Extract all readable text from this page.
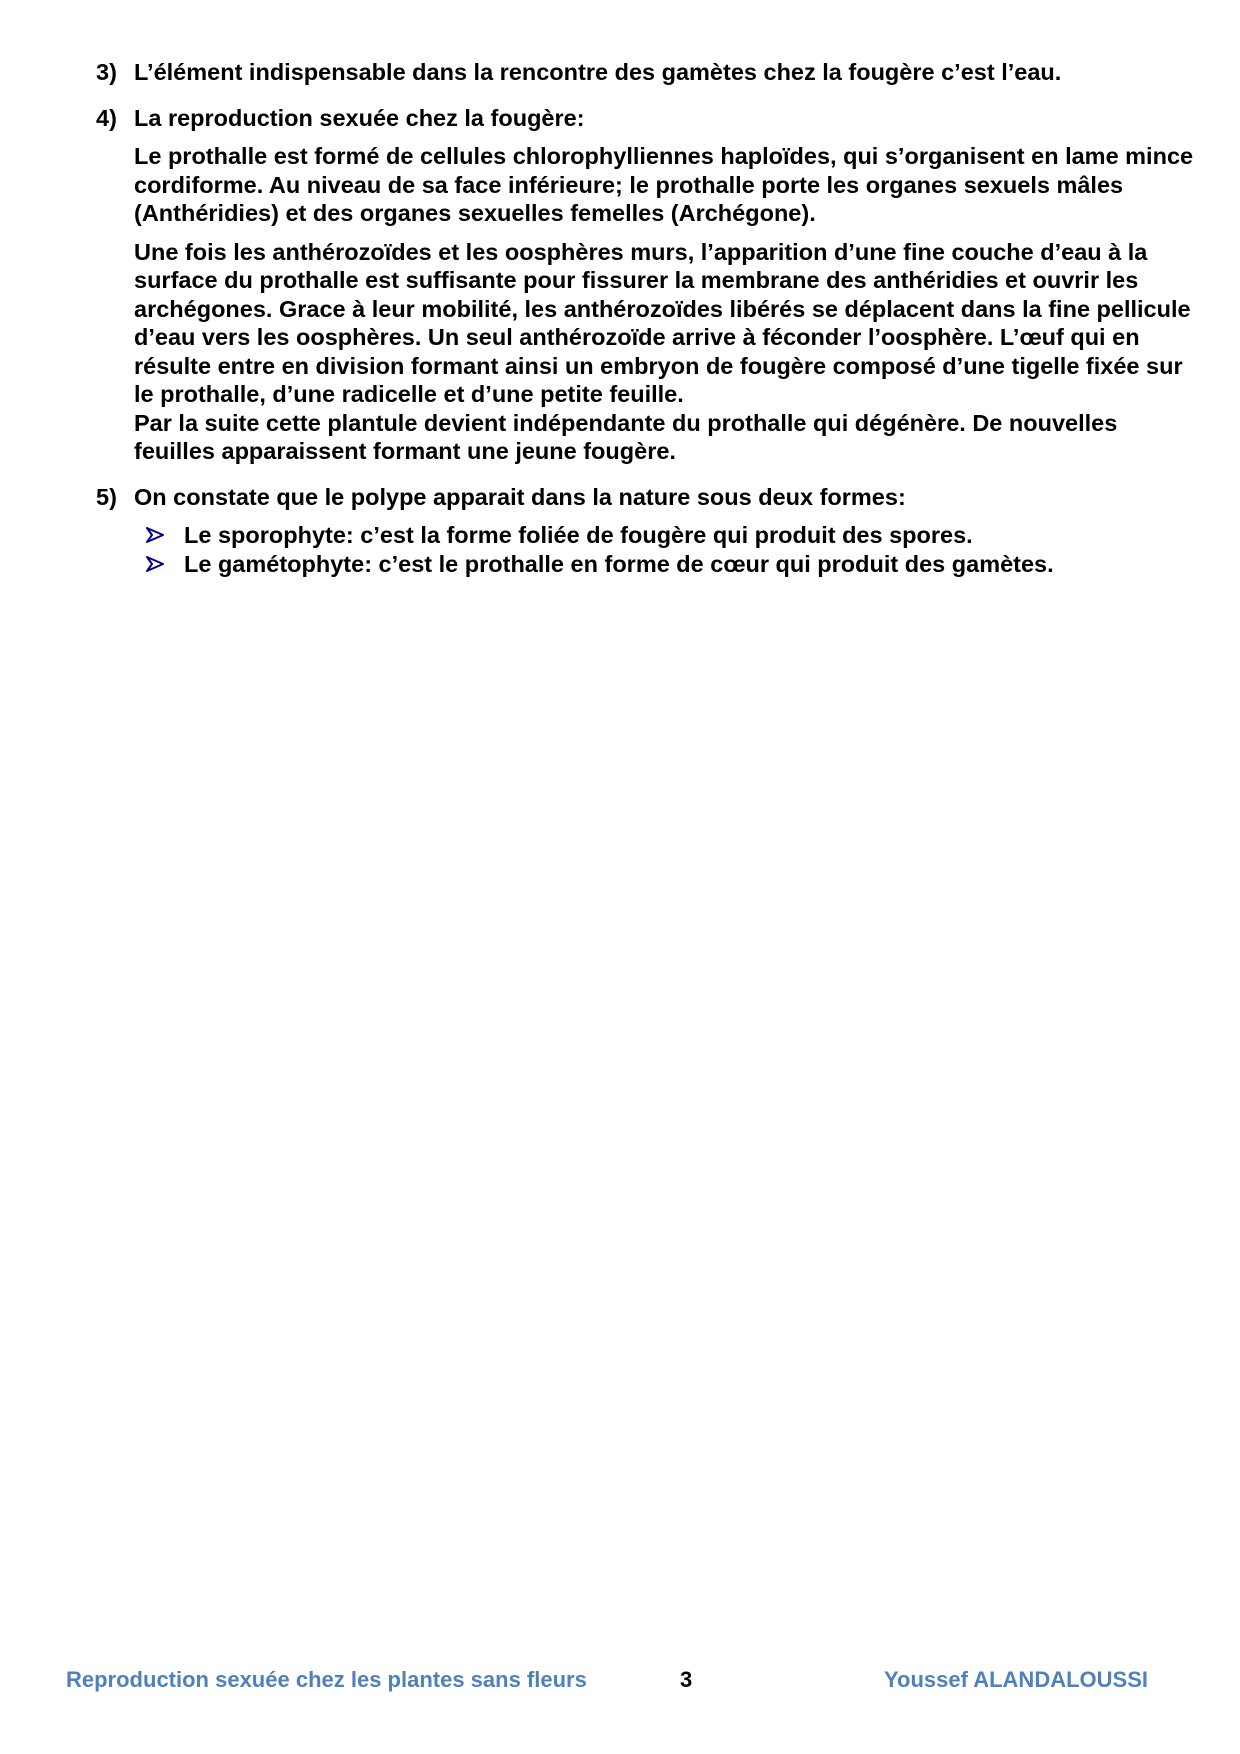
3) L’élément indispensable dans la rencontre des gamètes chez la fougère c’est l’eau.
4) La reproduction sexuée chez la fougère:

Le prothalle est formé de cellules chlorophylliennes haploïdes, qui s’organisent en lame mince cordiforme. Au niveau de sa face inférieure; le prothalle porte les organes sexuels mâles (Anthéridies) et des organes sexuelles femelles (Archégone).

Une fois les anthérozoïdes et les oosphères murs, l’apparition d’une fine couche d’eau à la surface du prothalle est suffisante pour fissurer la membrane des anthéridies et ouvrir les archégones. Grace à leur mobilité, les anthérozoïdes libérés se déplacent dans la fine pellicule d’eau vers les oosphères. Un seul anthérozoïde arrive à féconder l’oosphère. L’œuf qui en résulte entre en division formant ainsi un embryon de fougère composé d’une tigelle fixée sur le prothalle, d’une radicelle et d’une petite feuille.

Par la suite cette plantule devient indépendante du prothalle qui dégénère. De nouvelles feuilles apparaissent formant une jeune fougère.

5) On constate que le polype apparait dans la nature sous deux formes:
Le sporophyte: c’est la forme foliée de fougère qui produit des spores.
Le gamétophyte: c’est le prothalle en forme de cœur qui produit des gamètes.
Reproduction sexuée chez les plantes sans fleurs	3	Youssef ALANDALOUSSI
